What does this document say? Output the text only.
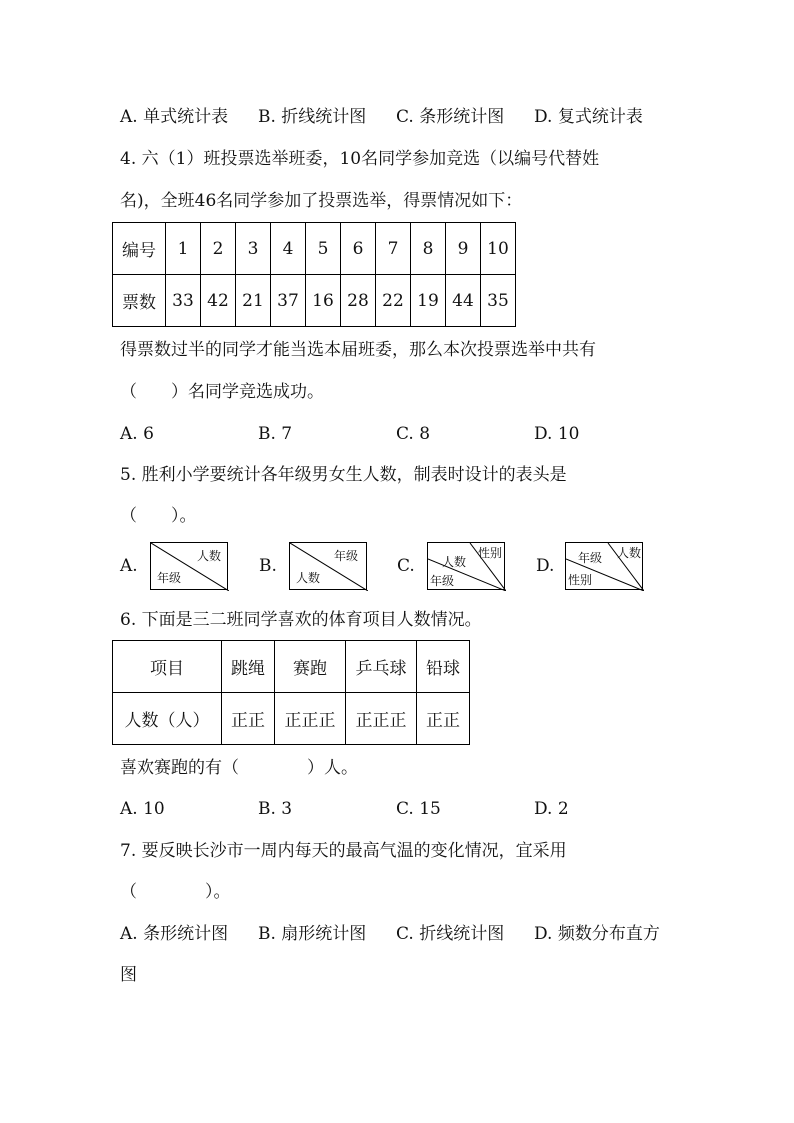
A. 单式统计表 B. 折线统计图 C. 条形统计图 D. 复式统计表
4. 六（1）班投票选举班委，10名同学参加竞选（以编号代替姓
名)，全班46名同学参加了投票选举，得票情况如下：
编号	1	2	3	4	5	6	7	8	9	10
票数	33	42	21	37	16	28	22	19	44	35
得票数过半的同学才能当选本届班委，那么本次投票选举中共有
（　　）名同学竞选成功。
A. 6	B. 7	C. 8	D. 10
5. 胜利小学要统计各年级男女生人数，制表时设计的表头是
（　　）。
A.	人数
年级
B.	年级
人数
C.
性别
人数
年级
D.
人数
年级
性别
6. 下面是三二班同学喜欢的体育项目人数情况。
项目	跳绳	赛跑	乒乓球	铅球
人数（人）	正正	正正正	正正正	正正
喜欢赛跑的有（　　　　）人。
A. 10	B. 3	C. 15	D. 2
7. 要反映长沙市一周内每天的最高气温的变化情况，宜采用
（　　　　）。
A. 条形统计图 B. 扇形统计图 C. 折线统计图 D. 频数分布直方
图
